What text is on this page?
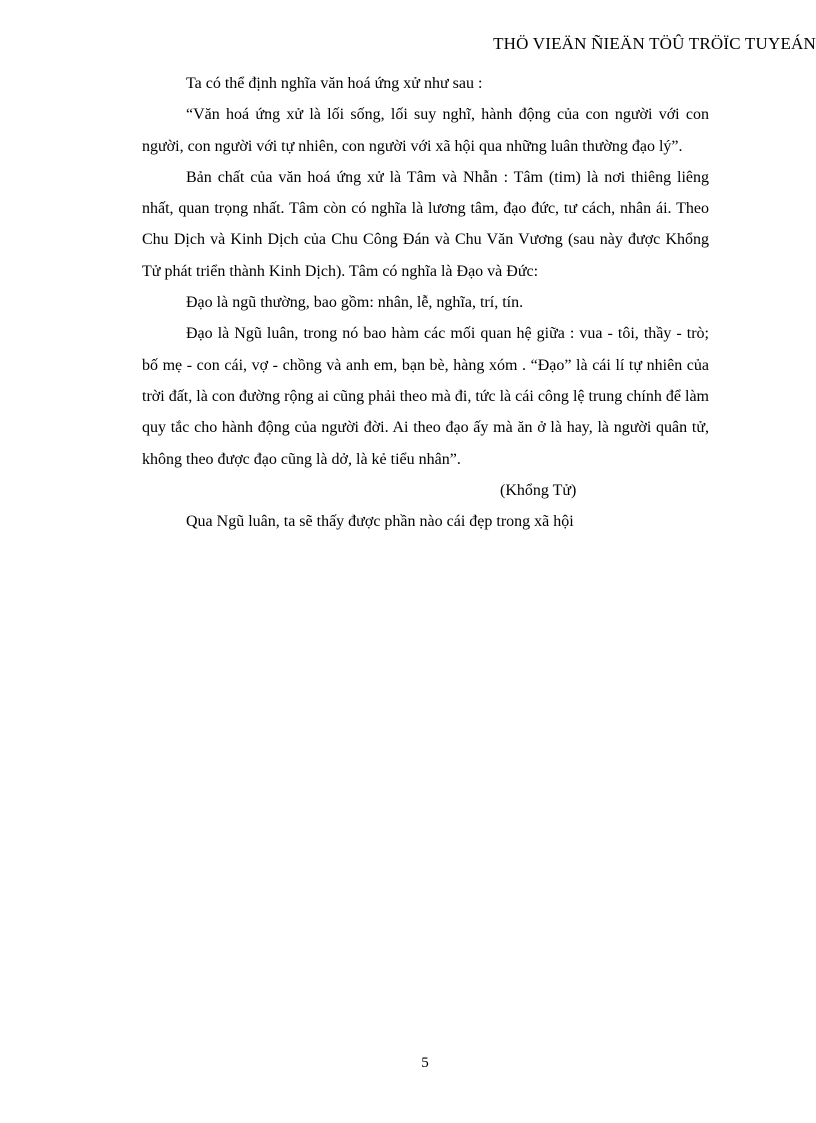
THÖ VIEÄN ÑIEÄN TÖÛ TRÖÏC TUYEÁN

Ta có thể định nghĩa văn hoá ứng xử như sau :

“Văn hoá ứng xử là lối sống, lối suy nghĩ, hành động của con người với con người, con người với tự nhiên, con người với xã hội qua những luân thường đạo lý”.

Bản chất của văn hoá ứng xử là Tâm và Nhẫn : Tâm (tim) là nơi thiêng liêng nhất, quan trọng nhất. Tâm còn có nghĩa là lương tâm, đạo đức, tư cách, nhân ái. Theo Chu Dịch và Kinh Dịch của Chu Công Đán và Chu Văn Vương (sau này được Khổng Tử phát triển thành Kinh Dịch). Tâm có nghĩa là Đạo và Đức:

Đạo là ngũ thường, bao gồm: nhân, lễ, nghĩa, trí, tín.

Đạo là Ngũ luân, trong nó bao hàm các mối quan hệ giữa : vua - tôi, thầy - trò; bố mẹ - con cái, vợ - chồng và anh em, bạn bè, hàng xóm . “Đạo” là cái lí tự nhiên của trời đất, là con đường rộng ai cũng phải theo mà đi, tức là cái công lệ trung chính để làm quy tắc cho hành động của người đời. Ai theo đạo ấy mà ăn ở là hay, là người quân tử, không theo được đạo cũng là dở, là kẻ tiểu nhân”.

(Khổng Tử)

Qua Ngũ luân, ta sẽ thấy được phần nào cái đẹp trong xã hội

5
